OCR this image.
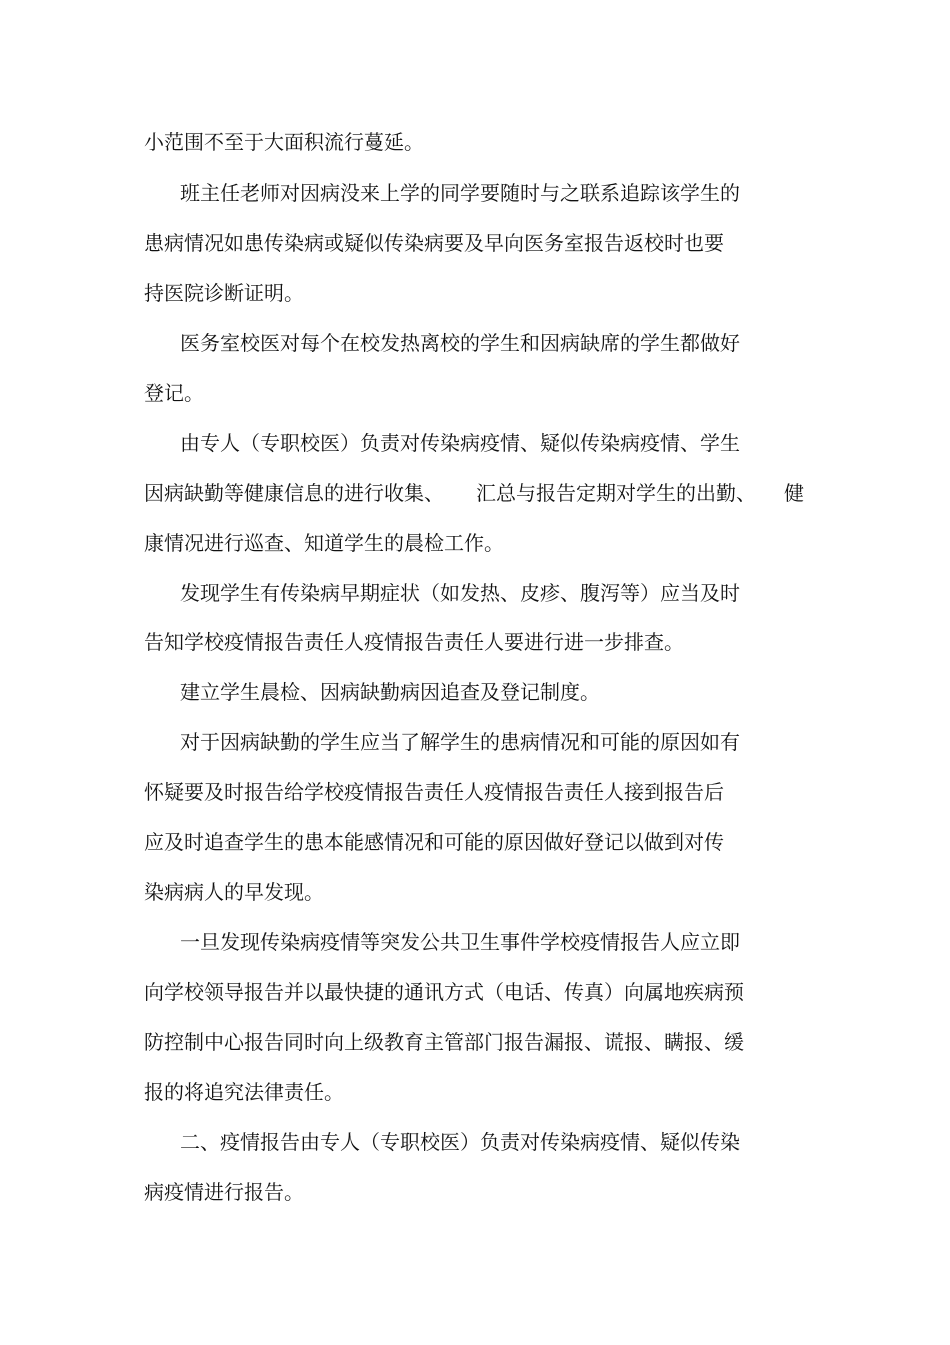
小范围不至于大面积流行蔓延。

班主任老师对因病没来上学的同学要随时与之联系追踪该学生的

患病情况如患传染病或疑似传染病要及早向医务室报告返校时也要

持医院诊断证明。

医务室校医对每个在校发热离校的学生和因病缺席的学生都做好

登记。

由专人（专职校医）负责对传染病疫情、疑似传染病疫情、学生

因病缺勤等健康信息的进行收集、 汇总与报告定期对学生的出勤、 健

康情况进行巡查、知道学生的晨检工作。

发现学生有传染病早期症状（如发热、皮疹、腹泻等）应当及时

告知学校疫情报告责任人疫情报告责任人要进行进一步排查。

建立学生晨检、因病缺勤病因追查及登记制度。

对于因病缺勤的学生应当了解学生的患病情况和可能的原因如有

怀疑要及时报告给学校疫情报告责任人疫情报告责任人接到报告后

应及时追查学生的患本能感情况和可能的原因做好登记以做到对传

染病病人的早发现。

一旦发现传染病疫情等突发公共卫生事件学校疫情报告人应立即

向学校领导报告并以最快捷的通讯方式（电话、传真）向属地疾病预

防控制中心报告同时向上级教育主管部门报告漏报、谎报、瞒报、缓

报的将追究法律责任。

二、疫情报告由专人（专职校医）负责对传染病疫情、疑似传染

病疫情进行报告。
